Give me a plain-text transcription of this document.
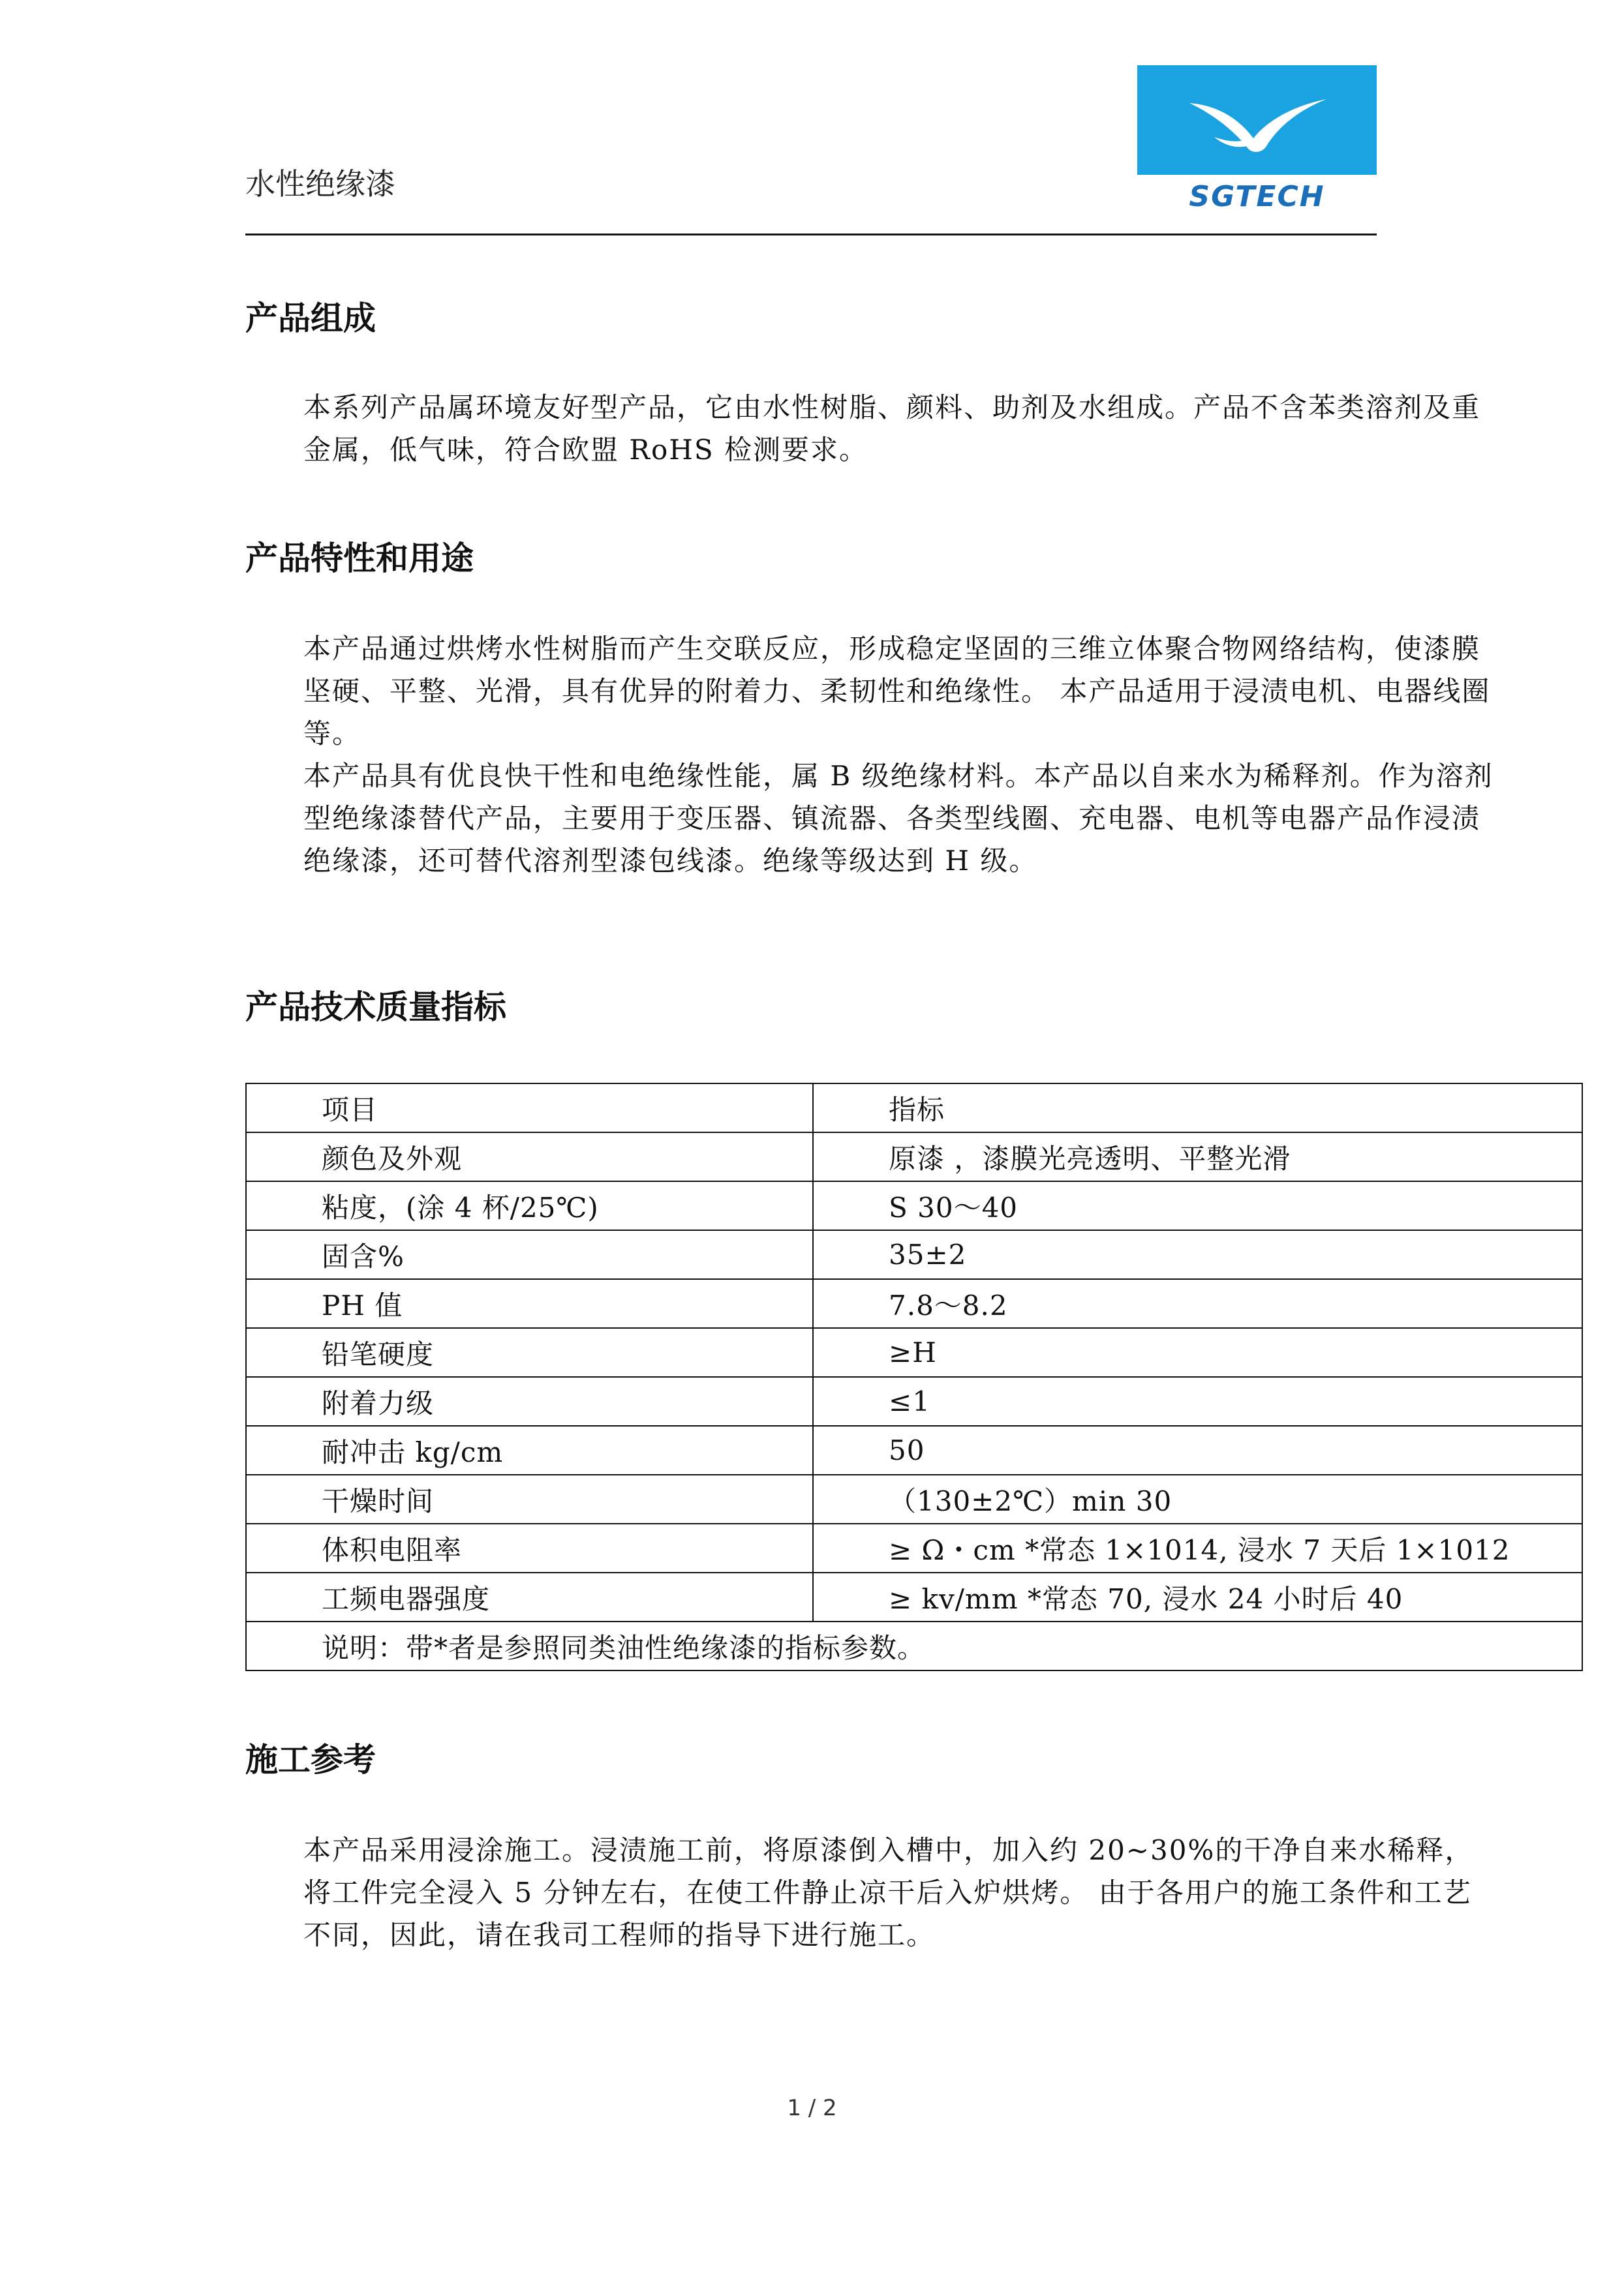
水性绝缘漆	SGTECH
产品组成

本系列产品属环境友好型产品，它由水性树脂、颜料、助剂及水组成。产品不含苯类溶剂及重金属，低气味，符合欧盟 RoHS 检测要求。

产品特性和用途

本产品通过烘烤水性树脂而产生交联反应，形成稳定坚固的三维立体聚合物网络结构，使漆膜坚硬、平整、光滑，具有优异的附着力、柔韧性和绝缘性。 本产品适用于浸渍电机、电器线圈等。

本产品具有优良快干性和电绝缘性能，属 B 级绝缘材料。本产品以自来水为稀释剂。作为溶剂型绝缘漆替代产品，主要用于变压器、镇流器、各类型线圈、充电器、电机等电器产品作浸渍绝缘漆，还可替代溶剂型漆包线漆。绝缘等级达到 H 级。

产品技术质量指标
项目	指标
颜色及外观	原漆 ，漆膜光亮透明、平整光滑
粘度，(涂 4 杯/25℃)	S 30～40
固含%	35±2
PH 值	7.8～8.2
铅笔硬度	≥H
附着力级	≤1
耐冲击 kg/cm	50
干燥时间	（130±2℃）min 30
体积电阻率	≥ Ω・cm *常态 1×1014, 浸水 7 天后 1×1012
工频电器强度	≥ kv/mm *常态 70, 浸水 24 小时后 40
说明：带*者是参照同类油性绝缘漆的指标参数。	
施工参考

本产品采用浸涂施工。浸渍施工前，将原漆倒入槽中，加入约 20~30%的干净自来水稀释，将工件完全浸入 5 分钟左右，在使工件静止凉干后入炉烘烤。 由于各用户的施工条件和工艺不同，因此，请在我司工程师的指导下进行施工。

1 / 2
